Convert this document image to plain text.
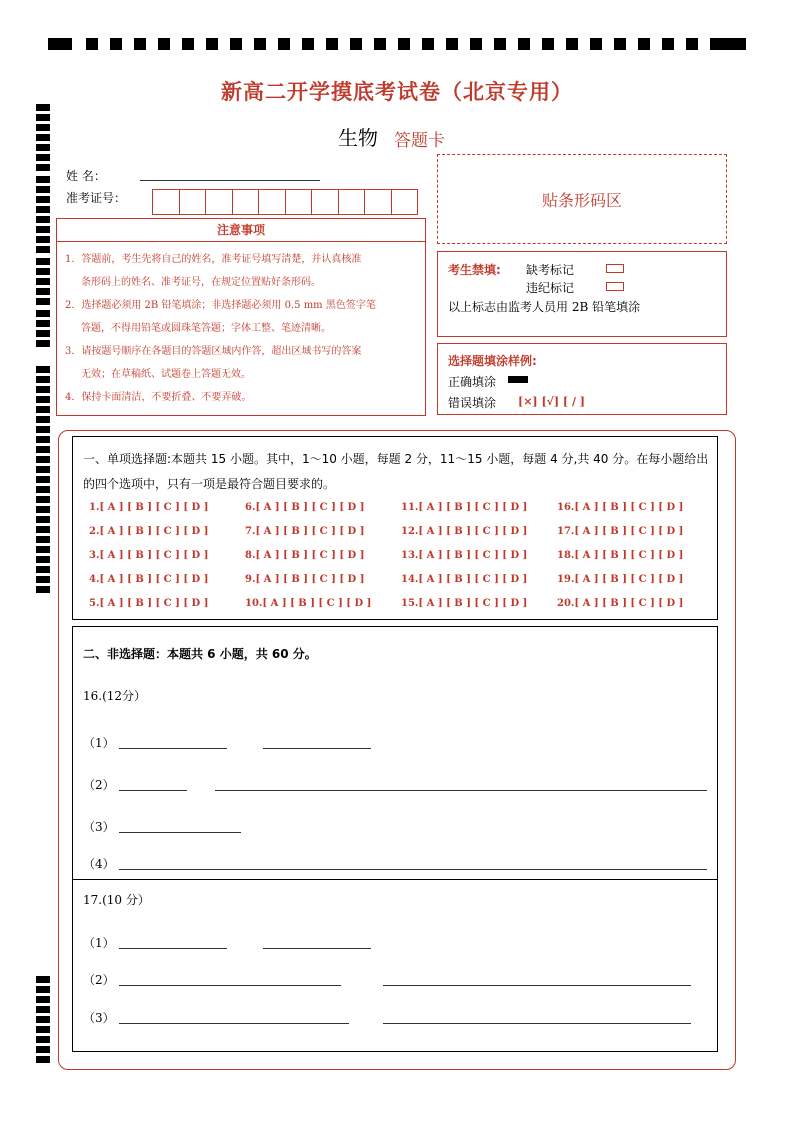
新高二开学摸底考试卷（北京专用）
生物 答题卡
姓 名：
准考证号：	贴条形码区
注意事项
1．答题前，考生先将自己的姓名，准考证号填写清楚，并认真核准
条形码上的姓名、准考证号，在规定位置贴好条形码。
2．选择题必须用 2B 铅笔填涂；非选择题必须用 0.5 mm 黑色签字笔
答题，不得用铅笔或圆珠笔答题；字体工整、笔迹清晰。
3．请按题号顺序在各题目的答题区域内作答，超出区域书写的答案
无效；在草稿纸、试题卷上答题无效。
4．保持卡面清洁，不要折叠、不要弄破。
考生禁填: 缺考标记
违纪标记
以上标志由监考人员用 2B 铅笔填涂
选择题填涂样例:
正确填涂
错误填涂 [×] [√] [ / ]
一、单项选择题:本题共 15 小题。其中，1～10 小题，每题 2 分，11～15 小题，每题 4 分,共 40 分。在每小题给出的四个选项中，只有一项是最符合题目要求的。
1.[ A ] [ B ] [ C ] [ D ]	6.[ A ] [ B ] [ C ] [ D ]	11.[ A ] [ B ] [ C ] [ D ]	16.[ A ] [ B ] [ C ] [ D ]
2.[ A ] [ B ] [ C ] [ D ]	7.[ A ] [ B ] [ C ] [ D ]	12.[ A ] [ B ] [ C ] [ D ]	17.[ A ] [ B ] [ C ] [ D ]
3.[ A ] [ B ] [ C ] [ D ]	8.[ A ] [ B ] [ C ] [ D ]	13.[ A ] [ B ] [ C ] [ D ]	18.[ A ] [ B ] [ C ] [ D ]
4.[ A ] [ B ] [ C ] [ D ]	9.[ A ] [ B ] [ C ] [ D ]	14.[ A ] [ B ] [ C ] [ D ]	19.[ A ] [ B ] [ C ] [ D ]
5.[ A ] [ B ] [ C ] [ D ]	10.[ A ] [ B ] [ C ] [ D ]	15.[ A ] [ B ] [ C ] [ D ]	20.[ A ] [ B ] [ C ] [ D ]
二、非选择题：本题共 6 小题，共 60 分。
16.(12分）
（1）
（2）
（3）
（4）
17.(10 分）
（1）
（2）
（3）
